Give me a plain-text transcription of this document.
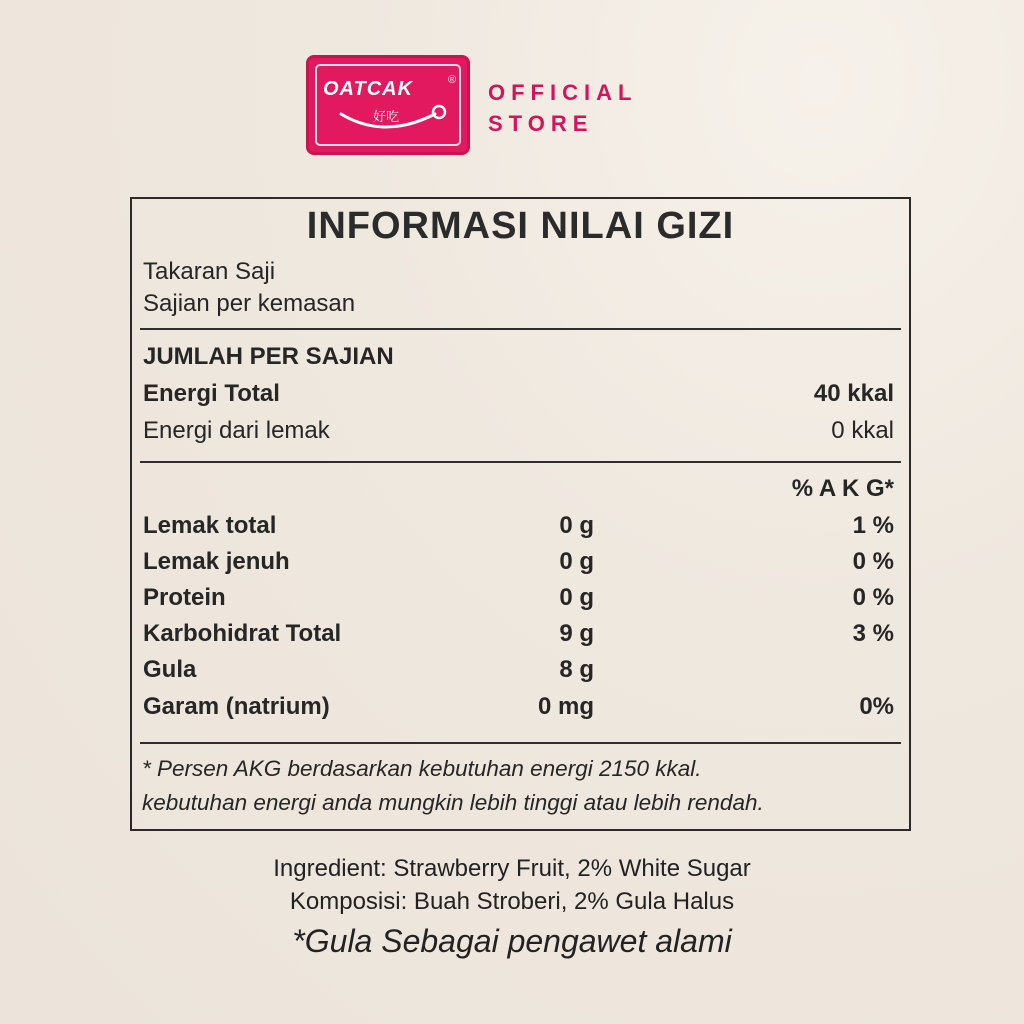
OATCAK	®
好吃
OFFICIAL
STORE
INFORMASI NILAI GIZI
Takaran Saji
Sajian per kemasan
JUMLAH PER SAJIAN
Energi Total	40 kkal
Energi dari lemak	0 kkal
% A K G*
Lemak total	0 g	1 %
Lemak jenuh	0 g	0 %
Protein	0 g	0 %
Karbohidrat Total	9 g	3 %
Gula	8 g
Garam (natrium)	0 mg	0%
* Persen AKG berdasarkan kebutuhan energi 2150 kkal.
kebutuhan energi anda mungkin lebih tinggi atau lebih rendah.
Ingredient: Strawberry Fruit, 2% White Sugar
Komposisi: Buah Stroberi, 2% Gula Halus
*Gula Sebagai pengawet alami
